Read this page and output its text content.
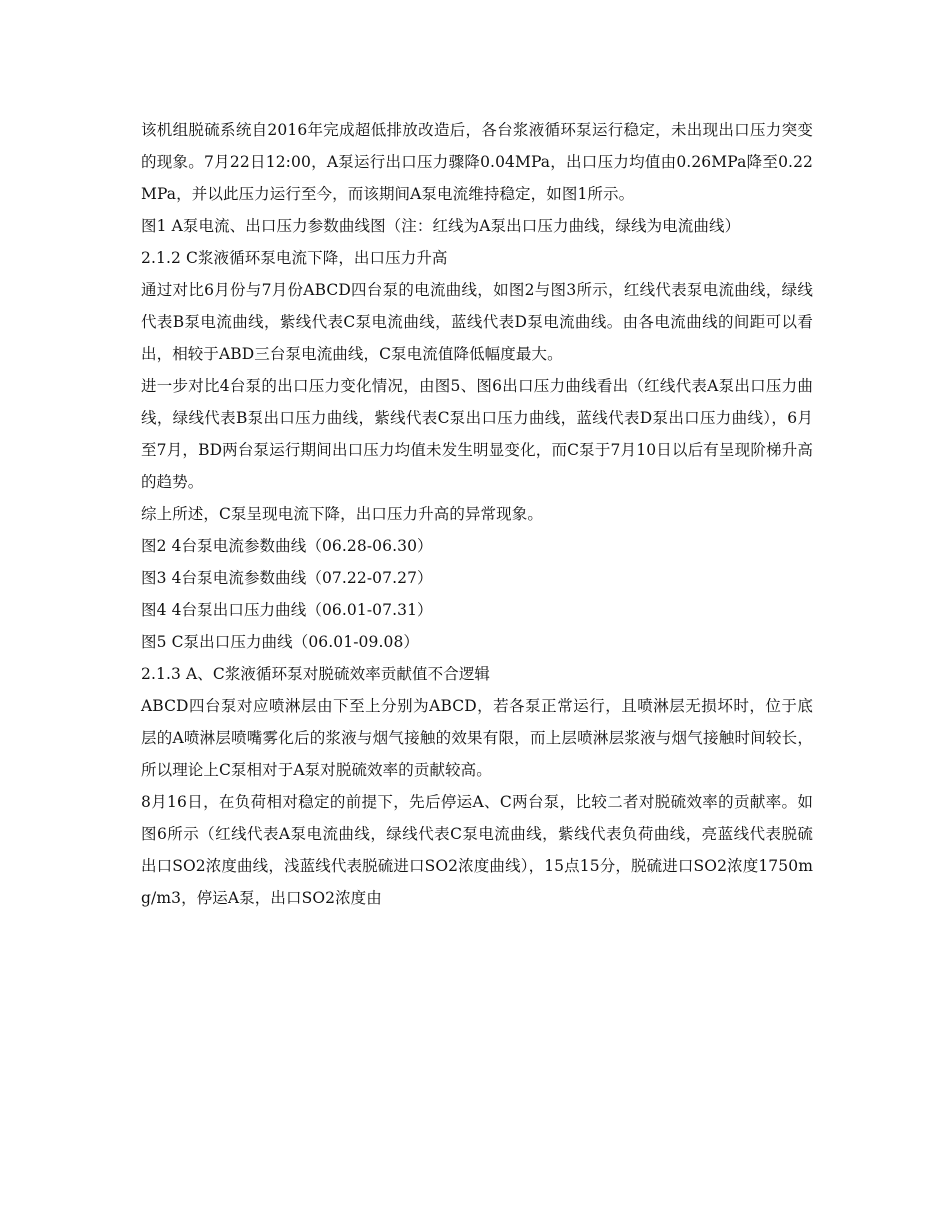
该机组脱硫系统自2016年完成超低排放改造后，各台浆液循环泵运行稳定，未出现出口压力突变的现象。7月22日12:00，A泵运行出口压力骤降0.04MPa，出口压力均值由0.26MPa降至0.22MPa，并以此压力运行至今，而该期间A泵电流维持稳定，如图1所示。

图1 A泵电流、出口压力参数曲线图（注：红线为A泵出口压力曲线，绿线为电流曲线）

2.1.2 C浆液循环泵电流下降，出口压力升高

通过对比6月份与7月份ABCD四台泵的电流曲线，如图2与图3所示，红线代表泵电流曲线，绿线代表B泵电流曲线，紫线代表C泵电流曲线，蓝线代表D泵电流曲线。由各电流曲线的间距可以看出，相较于ABD三台泵电流曲线，C泵电流值降低幅度最大。

进一步对比4台泵的出口压力变化情况，由图5、图6出口压力曲线看出（红线代表A泵出口压力曲线，绿线代表B泵出口压力曲线，紫线代表C泵出口压力曲线，蓝线代表D泵出口压力曲线），6月至7月，BD两台泵运行期间出口压力均值未发生明显变化，而C泵于7月10日以后有呈现阶梯升高的趋势。

综上所述，C泵呈现电流下降，出口压力升高的异常现象。

图2 4台泵电流参数曲线（06.28-06.30）

图3 4台泵电流参数曲线（07.22-07.27）

图4 4台泵出口压力曲线（06.01-07.31）

图5 C泵出口压力曲线（06.01-09.08）

2.1.3 A、C浆液循环泵对脱硫效率贡献值不合逻辑

ABCD四台泵对应喷淋层由下至上分别为ABCD，若各泵正常运行，且喷淋层无损坏时，位于底层的A喷淋层喷嘴雾化后的浆液与烟气接触的效果有限，而上层喷淋层浆液与烟气接触时间较长，所以理论上C泵相对于A泵对脱硫效率的贡献较高。

8月16日，在负荷相对稳定的前提下，先后停运A、C两台泵，比较二者对脱硫效率的贡献率。如图6所示（红线代表A泵电流曲线，绿线代表C泵电流曲线，紫线代表负荷曲线，亮蓝线代表脱硫出口SO2浓度曲线，浅蓝线代表脱硫进口SO2浓度曲线），15点15分，脱硫进口SO2浓度1750mg/m3，停运A泵，出口SO2浓度由
